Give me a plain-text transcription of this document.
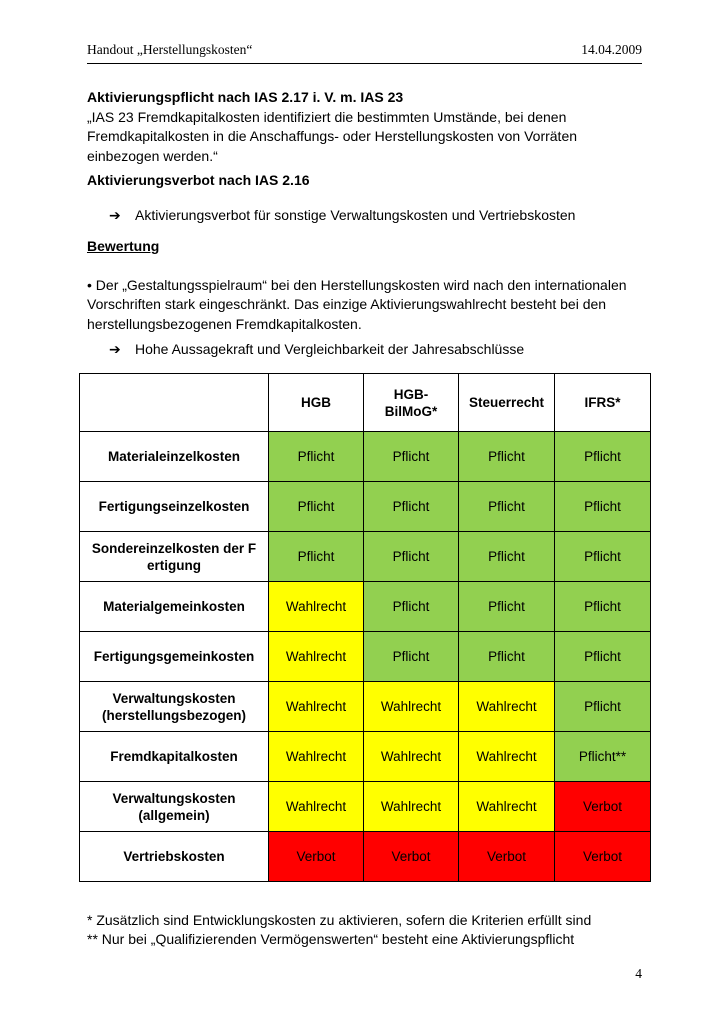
Handout „Herstellungskosten“	14.04.2009
Aktivierungspflicht nach IAS 2.17 i. V. m. IAS 23
„IAS 23 Fremdkapitalkosten identifiziert die bestimmten Umstände, bei denen Fremdkapitalkosten in die Anschaffungs- oder Herstellungskosten von Vorräten einbezogen werden.“
Aktivierungsverbot nach IAS 2.16
➔ Aktivierungsverbot für sonstige Verwaltungskosten und Vertriebskosten
Bewertung
• Der „Gestaltungsspielraum“ bei den Herstellungskosten wird nach den internationalen Vorschriften stark eingeschränkt. Das einzige Aktivierungswahlrecht besteht bei den herstellungsbezogenen Fremdkapitalkosten.
➔ Hohe Aussagekraft und Vergleichbarkeit der Jahresabschlüsse
	HGB	HGB-BilMoG*	Steuerrecht	IFRS*
Materialeinzelkosten	Pflicht	Pflicht	Pflicht	Pflicht
Fertigungseinzelkosten	Pflicht	Pflicht	Pflicht	Pflicht
Sondereinzelkosten der Fertigung	Pflicht	Pflicht	Pflicht	Pflicht
Materialgemeinkosten	Wahlrecht	Pflicht	Pflicht	Pflicht
Fertigungsgemeinkosten	Wahlrecht	Pflicht	Pflicht	Pflicht
Verwaltungskosten (herstellungsbezogen)	Wahlrecht	Wahlrecht	Wahlrecht	Pflicht
Fremdkapitalkosten	Wahlrecht	Wahlrecht	Wahlrecht	Pflicht**
Verwaltungskosten (allgemein)	Wahlrecht	Wahlrecht	Wahlrecht	Verbot
Vertriebskosten	Verbot	Verbot	Verbot	Verbot
* Zusätzlich sind Entwicklungskosten zu aktivieren, sofern die Kriterien erfüllt sind
** Nur bei „Qualifizierenden Vermögenswerten“ besteht eine Aktivierungspflicht
4
